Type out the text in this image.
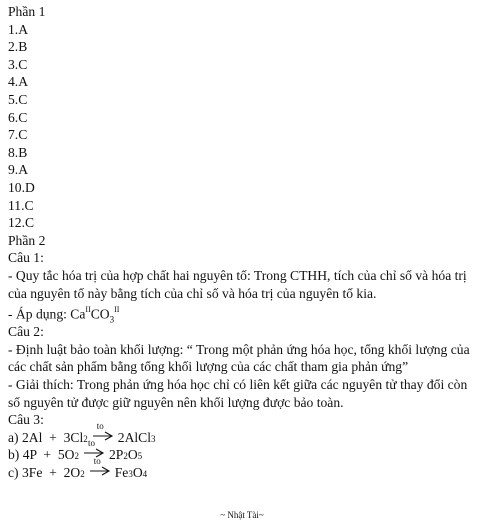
Phần 1
1.A
2.B
3.C
4.A
5.C
6.C
7.C
8.B
9.A
10.D
11.C
12.C
Phần 2
Câu 1:
- Quy tắc hóa trị của hợp chất hai nguyên tố: Trong CTHH, tích của chỉ số và hóa trị của nguyên tố này bằng tích của chỉ số và hóa trị của nguyên tố kia.
- Áp dụng: $Ca^{II}CO_3^{II}$
Câu 2:
- Định luật bảo toàn khối lượng: “ Trong một phản ứng hóa học, tổng khối lượng của các chất sản phẩm bằng tổng khối lượng của các chất tham gia phản ứng”
- Giải thích: Trong phản ứng hóa học chỉ có liên kết giữa các nguyên tử thay đổi còn số nguyên tử được giữ nguyên nên khối lượng được bảo toàn.
Câu 3:
a) 2Al  +  3Cl 2
to
2AlCl 3
b) 4P  +  5O 2
to
2P 2 O 5
c) 3Fe  +  2O 2
to
Fe 3 O 4
~ Nhật Tài~
